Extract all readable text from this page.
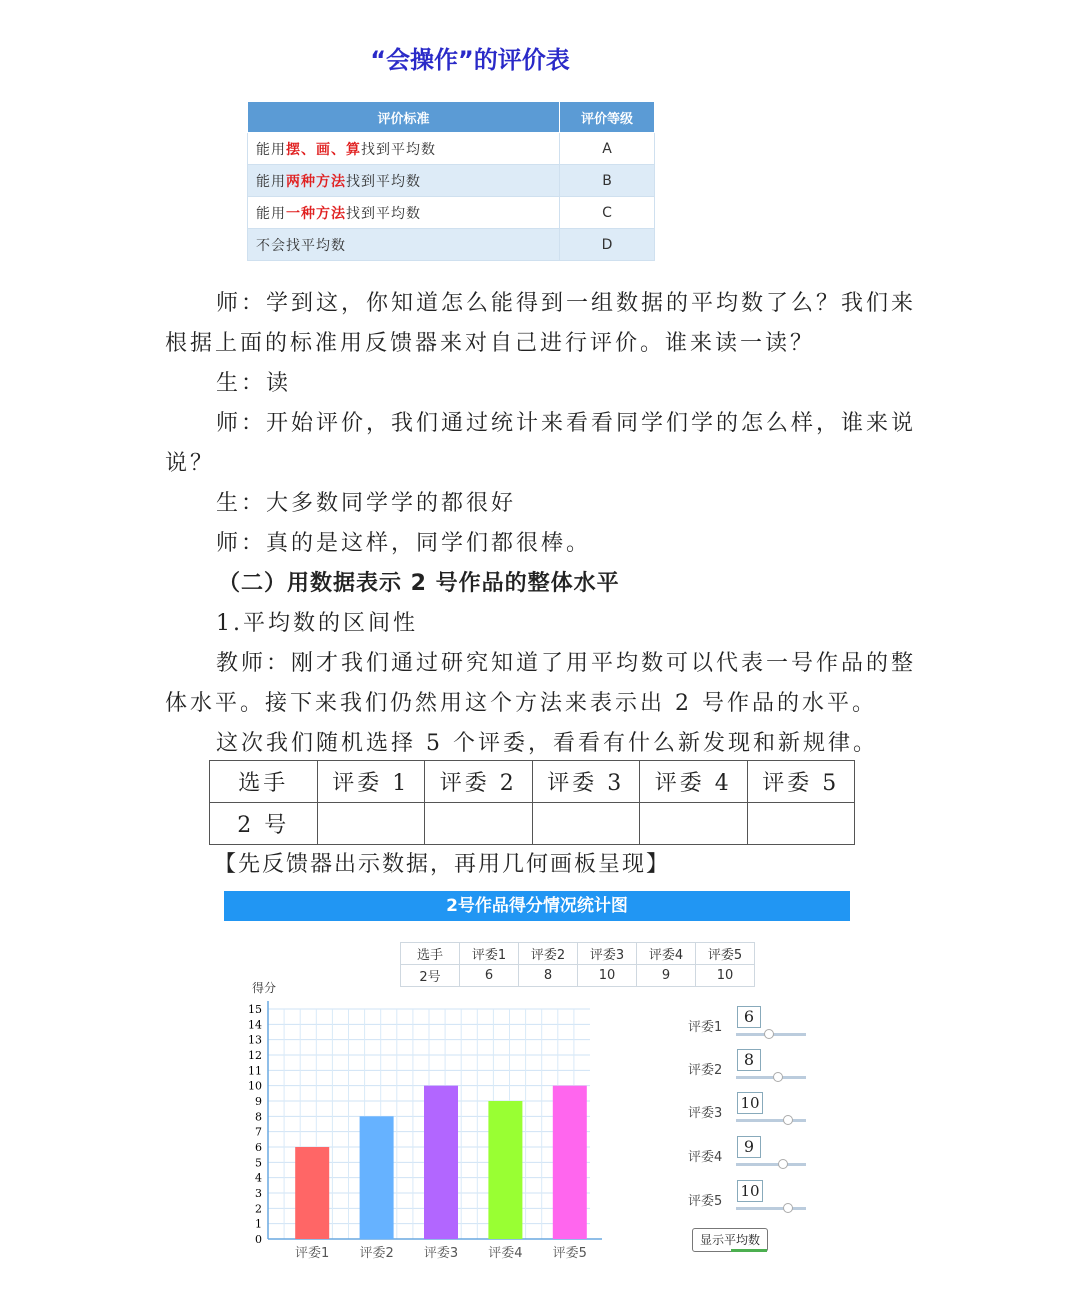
“会操作”的评价表
评价标准	评价等级
能用摆、画、算找到平均数	A
能用两种方法找到平均数	B
能用一种方法找到平均数	C
不会找平均数	D
师：学到这，你知道怎么能得到一组数据的平均数了么？我们来
根据上面的标准用反馈器来对自己进行评价。谁来读一读？
生：读
师：开始评价，我们通过统计来看看同学们学的怎么样，谁来说
说？
生：大多数同学学的都很好
师：真的是这样，同学们都很棒。
（二）用数据表示 2 号作品的整体水平
1.平均数的区间性
教师：刚才我们通过研究知道了用平均数可以代表一号作品的整
体水平。接下来我们仍然用这个方法来表示出 2 号作品的水平。
这次我们随机选择 5 个评委，看看有什么新发现和新规律。
选手	评委 1	评委 2	评委 3	评委 4	评委 5
2 号					
【先反馈器出示数据，再用几何画板呈现】
2号作品得分情况统计图
选手	评委1	评委2	评委3	评委4	评委5
2号	6	8	10	9	10
得分
0
1
2
3
4
5
6
7
8
9
10
11
12
13
14
15
评委1 评委2 评委3 评委4 评委5
评委1
6
评委2
8
评委3
10
评委4
9
评委5
10
显示平均数
